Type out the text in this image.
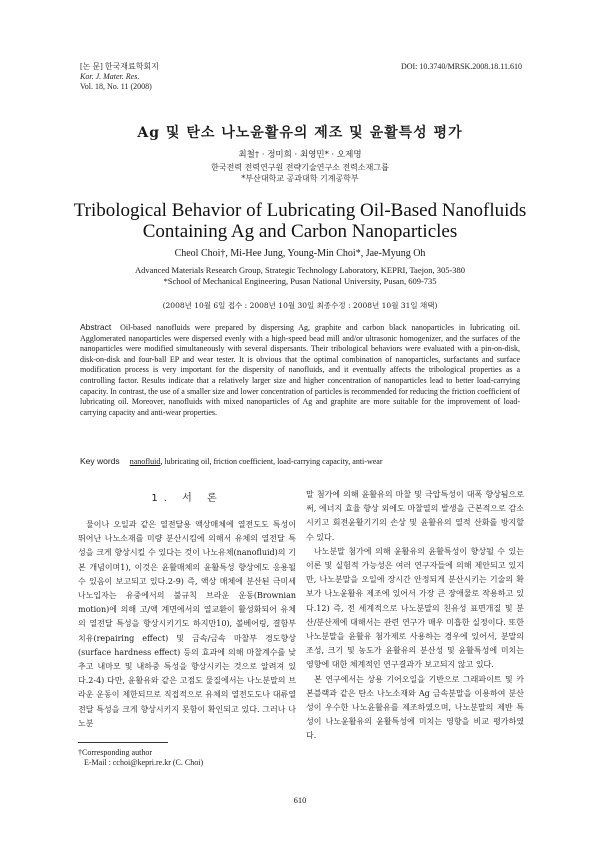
[논 문] 한국재료학회지
Kor. J. Mater. Res.
Vol. 18, No. 11 (2008)
DOI: 10.3740/MRSK.2008.18.11.610
Ag 및 탄소 나노윤활유의 제조 및 윤활특성 평가
최철† · 정미희 · 최영민* · 오제명
한국전력 전력연구원 전략기술연구소 전력소재그룹
*부산대학교 공과대학 기계공학부
Tribological Behavior of Lubricating Oil-Based Nanofluids
Containing Ag and Carbon Nanoparticles
Cheol Choi†, Mi-Hee Jung, Young-Min Choi*, Jae-Myung Oh
Advanced Materials Research Group, Strategic Technology Laboratory, KEPRI, Taejon, 305-380
*School of Mechanical Engineering, Pusan National University, Pusan, 609-735
(2008년 10월 6일 접수 : 2008년 10월 30일 최종수정 : 2008년 10월 31일 채택)
Abstract Oil-based nanofluids were prepared by dispersing Ag, graphite and carbon black nanoparticles in lubricating oil. Agglomerated nanoparticles were dispersed evenly with a high-speed bead mill and/or ultrasonic homogenizer, and the surfaces of the nanoparticles were modified simultaneously with several dispersants. Their tribological behaviors were evaluated with a pin-on-disk, disk-on-disk and four-ball EP and wear tester. It is obvious that the optimal combination of nanoparticles, surfactants and surface modification process is very important for the dispersity of nanofluids, and it eventually affects the tribological properties as a controlling factor. Results indicate that a relatively larger size and higher concentration of nanoparticles lead to better load-carrying capacity. In contrast, the use of a smaller size and lower concentration of particles is recommended for reducing the friction coefficient of lubricating oil. Moreover, nanofluids with mixed nanoparticles of Ag and graphite are more suitable for the improvement of load-carrying capacity and anti-wear properties.
Key words nanofluid, lubricating oil, friction coefficient, load-carrying capacity, anti-wear
1. 서 론

물이나 오일과 같은 열전달용 액상매체에 열전도도 특성이 뛰어난 나노소재를 미량 분산시킴에 의해서 유체의 열전달 특성을 크게 향상시킬 수 있다는 것이 나노유체(nanofluid)의 기본 개념이며1), 이것은 윤활매체의 윤활특성 향상에도 응용될 수 있음이 보고되고 있다.2-9) 즉, 액상 매체에 분산된 극미세 나노입자는 유중에서의 불규칙 브라운 운동(Brownian motion)에 의해 고/액 계면에서의 열교환이 활성화되어 유체의 열전달 특성을 향상시키기도 하지만10), 볼베어링, 결함부 치유(repairing effect) 및 금속/금속 마찰부 경도향상(surface hardness effect) 등의 효과에 의해 마찰계수를 낮추고 내마모 및 내하중 특성을 향상시키는 것으로 알려져 있다.2-4) 다만, 윤활유와 같은 고점도 물질에서는 나노분말의 브라운 운동이 제한되므로 직접적으로 유체의 열전도도나 대류열전달 특성을 크게 향상시키지 못함이 확인되고 있다. 그러나 나노분

말 첨가에 의해 윤활유의 마찰 및 극압특성이 대폭 향상됨으로써, 에너지 효율 향상 외에도 마찰열의 발생을 근본적으로 감소시키고 회전윤활기기의 손상 및 윤활유의 열적 산화를 방지할 수 있다.

나노분말 첨가에 의해 윤활유의 윤활특성이 향상될 수 있는 이론 및 실험적 가능성은 여러 연구자들에 의해 제안되고 있지만, 나노분말을 오일에 장시간 안정되게 분산시키는 기술의 확보가 나노윤활유 제조에 있어서 가장 큰 장애물로 작용하고 있다.12) 즉, 전 세계적으로 나노분말의 친유성 표면개질 및 분산/분산제에 대해서는 관련 연구가 매우 미흡한 실정이다. 또한 나노분말을 윤활유 첨가제로 사용하는 경우에 있어서, 분말의 조성, 크기 및 농도가 윤활유의 분산성 및 윤활특성에 미치는 영향에 대한 체계적인 연구결과가 보고되지 않고 있다.

본 연구에서는 상용 기어오일을 기반으로 그래파이트 및 카본블랙과 같은 탄소 나노소재와 Ag 금속분말을 이용하여 분산성이 우수한 나노윤활유를 제조하였으며, 나노분말의 제반 특성이 나노윤활유의 윤활특성에 미치는 영향을 비교 평가하였다.

†Corresponding author
E-Mail : cchoi@kepri.re.kr (C. Choi)
610
